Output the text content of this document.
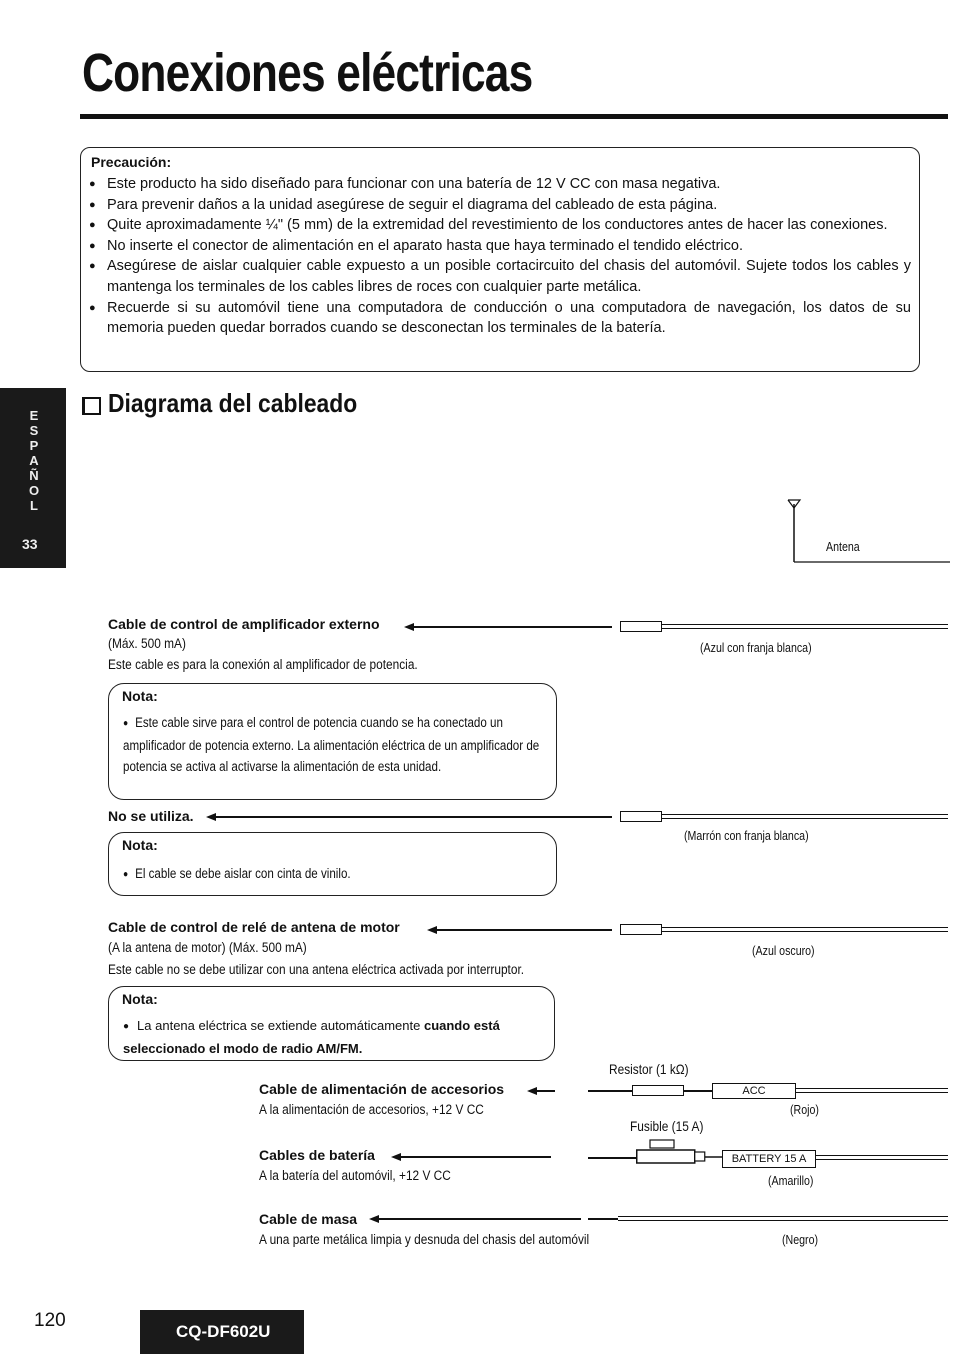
Conexiones eléctricas
Precaución:
● Este producto ha sido diseñado para funcionar con una batería de 12 V CC con masa negativa.
● Para prevenir daños a la unidad asegúrese de seguir el diagrama del cableado de esta página.
● Quite aproximadamente ¼" (5 mm) de la extremidad del revestimiento de los conductores antes de hacer las conexiones.
● No inserte el conector de alimentación en el aparato hasta que haya terminado el tendido eléctrico.
● Asegúrese de aislar cualquier cable expuesto a un posible cortacircuito del chasis del automóvil. Sujete todos los cables y mantenga los terminales de los cables libres de roces con cualquier parte metálica.
● Recuerde si su automóvil tiene una computadora de conducción o una computadora de navegación, los datos de su memoria pueden quedar borrados cuando se desconectan los terminales de la batería.
E
S
P
A
Ñ
O
L
33
Diagrama del cableado
Antena
Cable de control de amplificador externo
(Máx. 500 mA)
Este cable es para la conexión al amplificador de potencia.
(Azul con franja blanca)
Nota:
● Este cable sirve para el control de potencia cuando se ha conectado un amplificador de potencia externo. La alimentación eléctrica de un amplificador de potencia se activa al activarse la alimentación de esta unidad.
No se utiliza.
(Marrón con franja blanca)
Nota:
● El cable se debe aislar con cinta de vinilo.
Cable de control de relé de antena de motor
(A la antena de motor) (Máx. 500 mA)
Este cable no se debe utilizar con una antena eléctrica activada por interruptor.
(Azul oscuro)
Nota:
● La antena eléctrica se extiende automáticamente cuando está seleccionado el modo de radio AM/FM.
Resistor (1 kΩ)
Cable de alimentación de accesorios	ACC
A la alimentación de accesorios, +12 V CC	(Rojo)
Fusible (15 A)
Cables de batería	BATTERY 15 A
A la batería del automóvil, +12 V CC	(Amarillo)
Cable de masa
A una parte metálica limpia y desnuda del chasis del automóvil	(Negro)
120
CQ-DF602U
